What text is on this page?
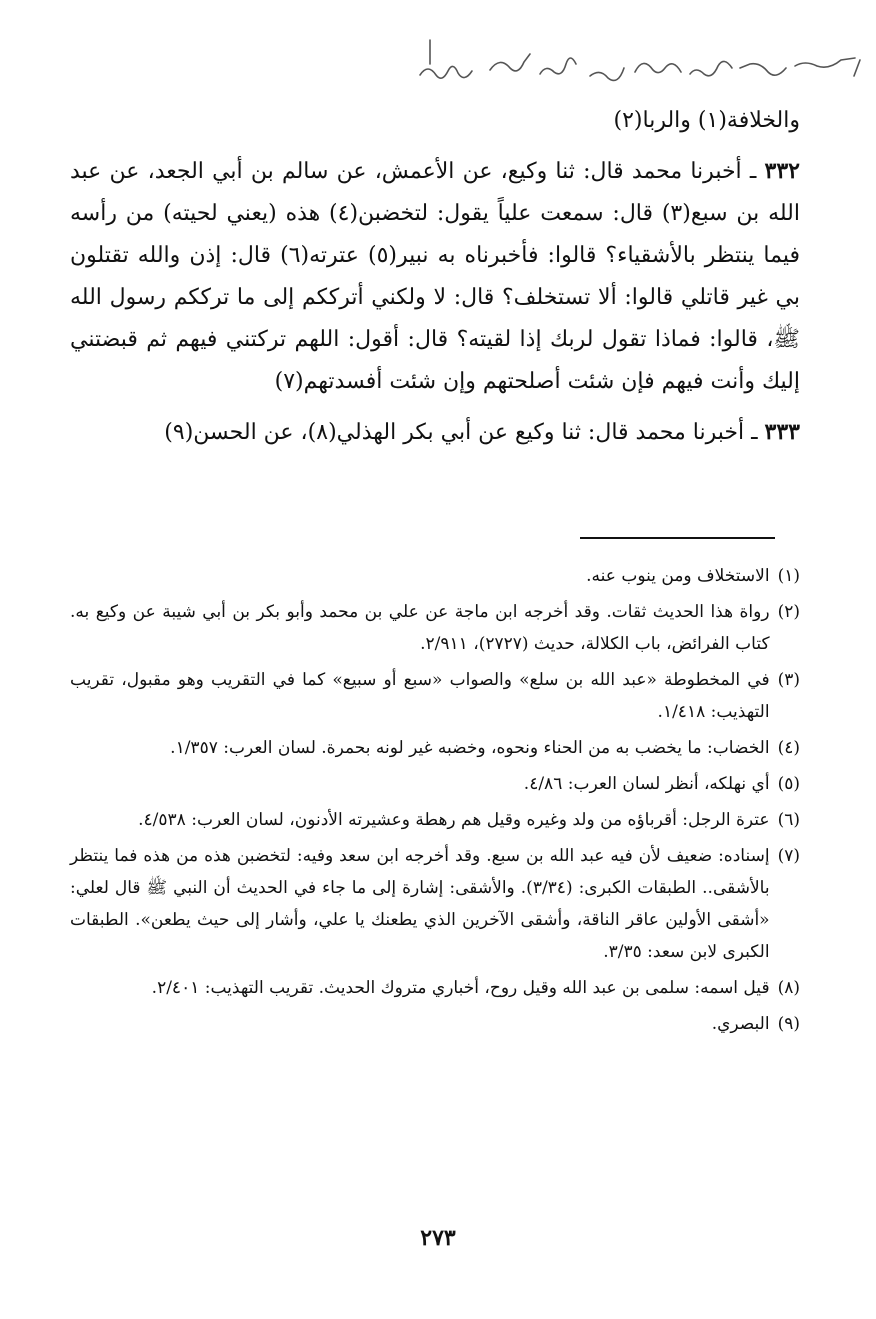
والخلافة(١) والربا(٢)

٣٣٢ ـ أخبرنا محمد قال: ثنا وكيع، عن الأعمش، عن سالم بن أبي الجعد، عن عبد الله بن سبع(٣) قال: سمعت علياً يقول: لتخضبن(٤) هذه (يعني لحيته) من رأسه فيما ينتظر بالأشقياء؟ قالوا: فأخبرناه به نبير(٥) عترته(٦) قال: إذن والله تقتلون بي غير قاتلي قالوا: ألا تستخلف؟ قال: لا ولكني أترككم إلى ما ترككم رسول الله ﷺ، قالوا: فماذا تقول لربك إذا لقيته؟ قال: أقول: اللهم تركتني فيهم ثم قبضتني إليك وأنت فيهم فإن شئت أصلحتهم وإن شئت أفسدتهم(٧)

٣٣٣ ـ أخبرنا محمد قال: ثنا وكيع عن أبي بكر الهذلي(٨)، عن الحسن(٩)

(١)
الاستخلاف ومن ينوب عنه.
(٢)
رواة هذا الحديث ثقات. وقد أخرجه ابن ماجة عن علي بن محمد وأبو بكر بن أبي شيبة عن وكيع به. كتاب الفرائض، باب الكلالة، حديث (٢٧٢٧)، ٢/٩١١.
(٣)
في المخطوطة «عبد الله بن سلع» والصواب «سبع أو سبيع» كما في التقريب وهو مقبول، تقريب التهذيب: ١/٤١٨.
(٤)
الخضاب: ما يخضب به من الحناء ونحوه، وخضبه غير لونه بحمرة. لسان العرب: ١/٣٥٧.
(٥)
أي نهلكه، أنظر لسان العرب: ٤/٨٦.
(٦)
عترة الرجل: أقرباؤه من ولد وغيره وقيل هم رهطة وعشيرته الأدنون، لسان العرب: ٤/٥٣٨.
(٧)
إسناده: ضعيف لأن فيه عبد الله بن سبع. وقد أخرجه ابن سعد وفيه: لتخضبن هذه من هذه فما ينتظر بالأشقى.. الطبقات الكبرى: (٣/٣٤). والأشقى: إشارة إلى ما جاء في الحديث أن النبي ﷺ قال لعلي: «أشقى الأولين عاقر الناقة، وأشقى الآخرين الذي يطعنك يا علي، وأشار إلى حيث يطعن». الطبقات الكبرى لابن سعد: ٣/٣٥.
(٨)
قيل اسمه: سلمى بن عبد الله وقيل روح، أخباري متروك الحديث. تقريب التهذيب: ٢/٤٠١.
(٩)
البصري.
٢٧٣
